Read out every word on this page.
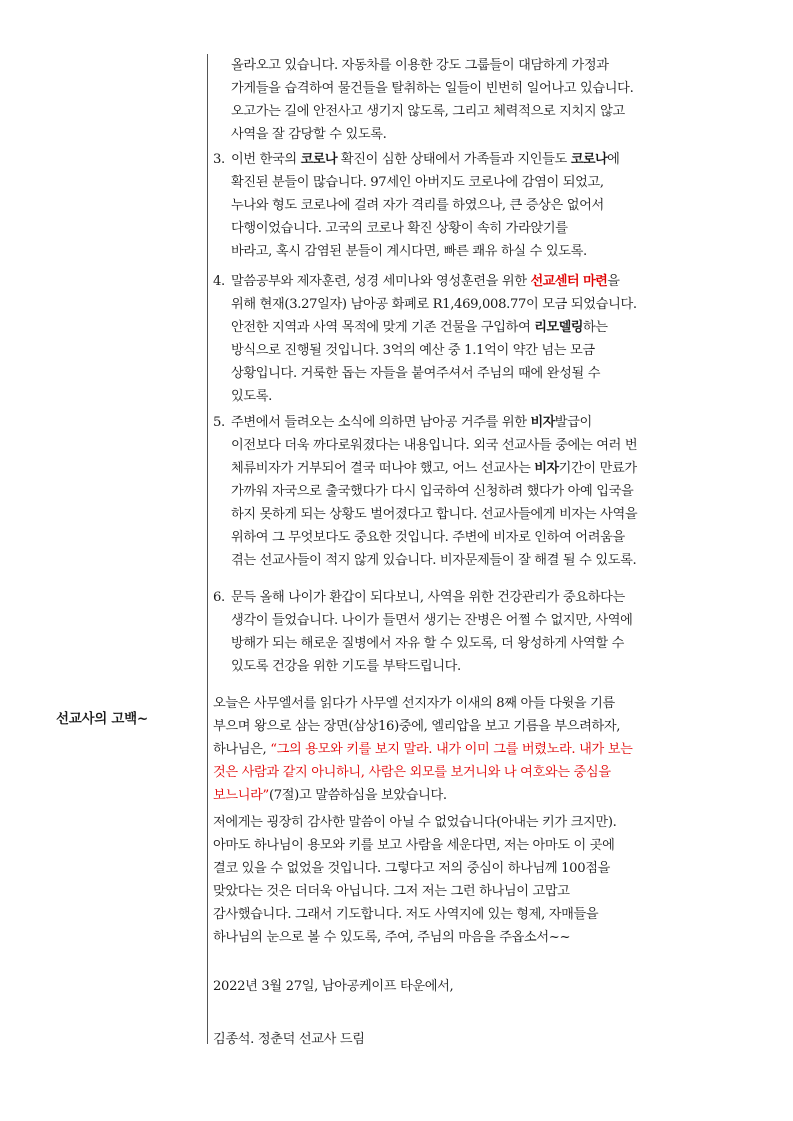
선교사의 고백~
올라오고 있습니다. 자동차를 이용한 강도 그룹들이 대담하게 가정과
가게들을 습격하여 물건들을 탈취하는 일들이 빈번히 일어나고 있습니다.
오고가는 길에 안전사고 생기지 않도록, 그리고 체력적으로 지치지 않고
사역을 잘 감당할 수 있도록.
3. 이번 한국의 코로나 확진이 심한 상태에서 가족들과 지인들도 코로나에
확진된 분들이 많습니다. 97세인 아버지도 코로나에 감염이 되었고,
누나와 형도 코로나에 걸려 자가 격리를 하였으나, 큰 증상은 없어서
다행이었습니다. 고국의 코로나 확진 상황이 속히 가라앉기를
바라고, 혹시 감염된 분들이 계시다면, 빠른 쾌유 하실 수 있도록.
4. 말씀공부와 제자훈련, 성경 세미나와 영성훈련을 위한 선교센터 마련을
위해 현재(3.27일자) 남아공 화폐로 R1,469,008.77이 모금 되었습니다.
안전한 지역과 사역 목적에 맞게 기존 건물을 구입하여 리모델링하는
방식으로 진행될 것입니다. 3억의 예산 중 1.1억이 약간 넘는 모금
상황입니다. 거룩한 돕는 자들을 붙여주셔서 주님의 때에 완성될 수
있도록.
5. 주변에서 들려오는 소식에 의하면 남아공 거주를 위한 비자발급이
이전보다 더욱 까다로워졌다는 내용입니다. 외국 선교사들 중에는 여러 번
체류비자가 거부되어 결국 떠나야 했고, 어느 선교사는 비자기간이 만료가
가까워 자국으로 출국했다가 다시 입국하여 신청하려 했다가 아예 입국을
하지 못하게 되는 상황도 벌어졌다고 합니다. 선교사들에게 비자는 사역을
위하여 그 무엇보다도 중요한 것입니다. 주변에 비자로 인하여 어려움을
겪는 선교사들이 적지 않게 있습니다. 비자문제들이 잘 해결 될 수 있도록.
6. 문득 올해 나이가 환갑이 되다보니, 사역을 위한 건강관리가 중요하다는
생각이 들었습니다. 나이가 들면서 생기는 잔병은 어쩔 수 없지만, 사역에
방해가 되는 해로운 질병에서 자유 할 수 있도록, 더 왕성하게 사역할 수
있도록 건강을 위한 기도를 부탁드립니다.
오늘은 사무엘서를 읽다가 사무엘 선지자가 이새의 8째 아들 다윗을 기름
부으며 왕으로 삼는 장면(삼상16)중에, 엘리압을 보고 기름을 부으려하자,
하나님은, “그의 용모와 키를 보지 말라. 내가 이미 그를 버렸노라. 내가 보는
것은 사람과 같지 아니하니, 사람은 외모를 보거니와 나 여호와는 중심을
보느니라”(7절)고 말씀하심을 보았습니다.
저에게는 굉장히 감사한 말씀이 아닐 수 없었습니다(아내는 키가 크지만).
아마도 하나님이 용모와 키를 보고 사람을 세운다면, 저는 아마도 이 곳에
결코 있을 수 없었을 것입니다. 그렇다고 저의 중심이 하나님께 100점을
맞았다는 것은 더더욱 아닙니다. 그저 저는 그런 하나님이 고맙고
감사했습니다. 그래서 기도합니다. 저도 사역지에 있는 형제, 자매들을
하나님의 눈으로 볼 수 있도록, 주여, 주님의 마음을 주옵소서~~
2022년 3월 27일, 남아공케이프 타운에서,
김종석. 정춘덕 선교사 드림
